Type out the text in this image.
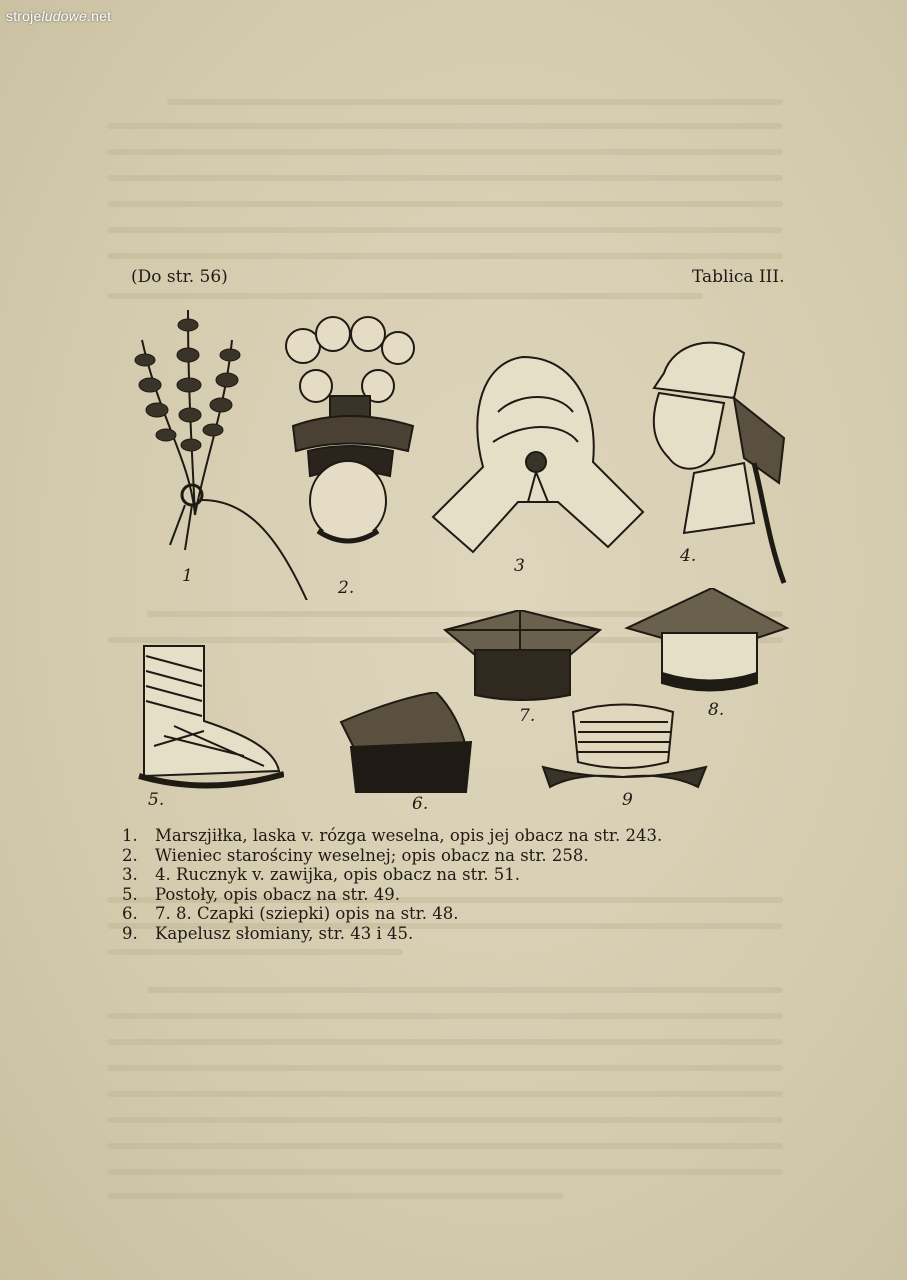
strojeludowe.net
(Do str. 56)	Tablica III.
1
2.
3	4.
5.	6.
7.	8.
9
1.	Marszjiłka, laska v. rózga weselna, opis jej obacz na str. 243.
2.	Wieniec starościny weselnej; opis obacz na str. 258.
3.	4. Rucznyk v. zawijka, opis obacz na str. 51.
5.	Postoły, opis obacz na str. 49.
6.	7. 8. Czapki (sziepki) opis na str. 48.
9.	Kapelusz słomiany, str. 43 i 45.
